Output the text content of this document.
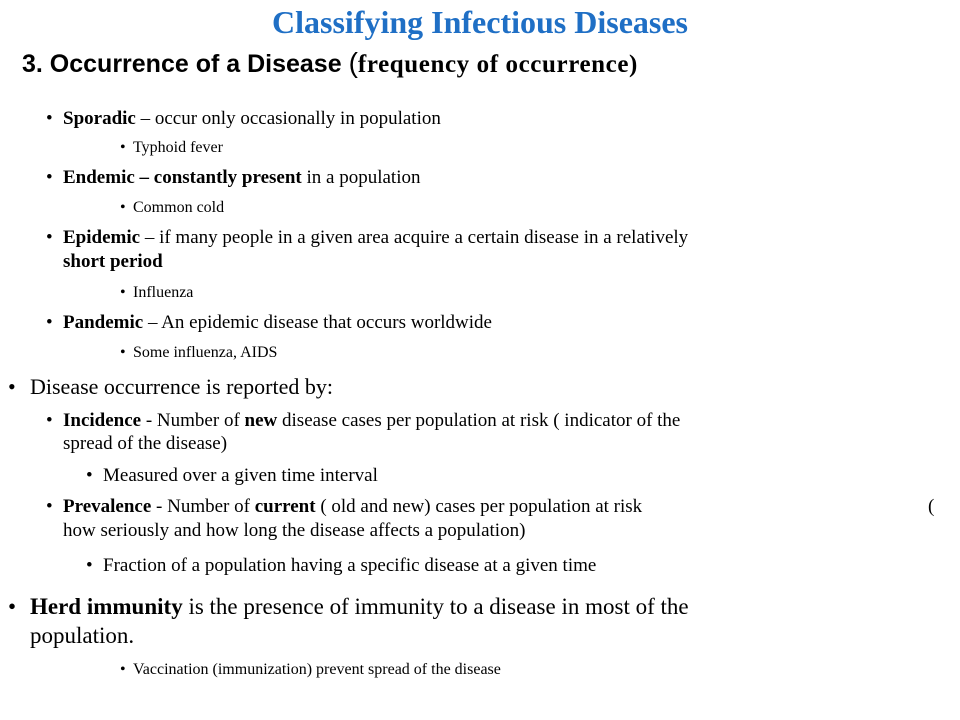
Classifying Infectious Diseases
3. Occurrence of a Disease (frequency of occurrence)
• Sporadic – occur only occasionally in population
• Typhoid fever
• Endemic – constantly present in a population
• Common cold
• Epidemic – if many people in a given area acquire a certain disease in a relatively
short period
• Influenza
• Pandemic – An epidemic disease that occurs worldwide
• Some influenza, AIDS
• Disease occurrence is reported by:
• Incidence - Number of new disease cases per population at risk ( indicator of the
spread of the disease)
• Measured over a given time interval
• Prevalence - Number of current ( old and new) cases per population at risk	(
how seriously and how long the disease affects a population)
• Fraction of a population having a specific disease at a given time
• Herd immunity is the presence of immunity to a disease in most of the
population.
• Vaccination (immunization) prevent spread of the disease
